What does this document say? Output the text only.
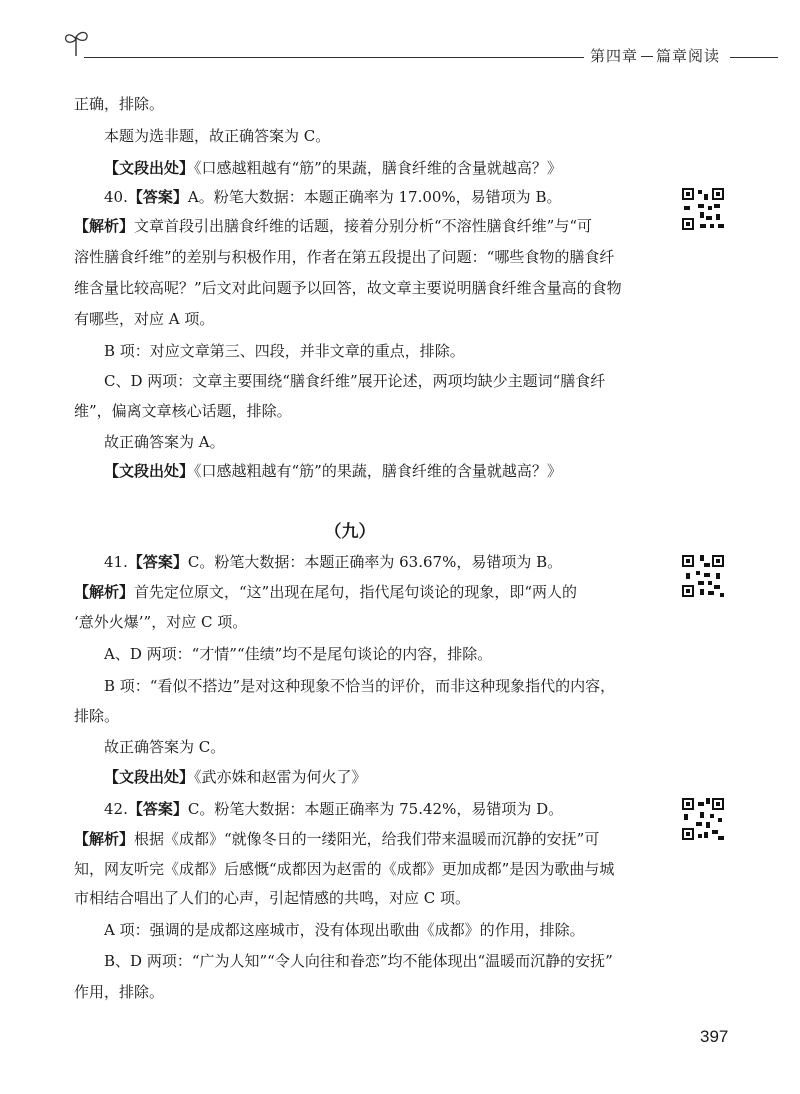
第四章 篇章阅读
正确，排除。
本题为选非题，故正确答案为 C。
【文段出处】《口感越粗越有“筋”的果蔬，膳食纤维的含量就越高？》
40.【答案】A。粉笔大数据：本题正确率为 17.00%，易错项为 B。
【解析】文章首段引出膳食纤维的话题，接着分别分析“不溶性膳食纤维”与“可
溶性膳食纤维”的差别与积极作用，作者在第五段提出了问题：“哪些食物的膳食纤
维含量比较高呢？”后文对此问题予以回答，故文章主要说明膳食纤维含量高的食物
有哪些，对应 A 项。
B 项：对应文章第三、四段，并非文章的重点，排除。
C、D 两项：文章主要围绕“膳食纤维”展开论述，两项均缺少主题词“膳食纤
维”，偏离文章核心话题，排除。
故正确答案为 A。
【文段出处】《口感越粗越有“筋”的果蔬，膳食纤维的含量就越高？》
（九）
41.【答案】C。粉笔大数据：本题正确率为 63.67%，易错项为 B。
【解析】首先定位原文，“这”出现在尾句，指代尾句谈论的现象，即“两人的
‘意外火爆’”，对应 C 项。
A、D 两项：“才情”“佳绩”均不是尾句谈论的内容，排除。
B 项：“看似不搭边”是对这种现象不恰当的评价，而非这种现象指代的内容，
排除。
故正确答案为 C。
【文段出处】《武亦姝和赵雷为何火了》
42.【答案】C。粉笔大数据：本题正确率为 75.42%，易错项为 D。
【解析】根据《成都》“就像冬日的一缕阳光，给我们带来温暖而沉静的安抚”可
知，网友听完《成都》后感慨“成都因为赵雷的《成都》更加成都”是因为歌曲与城
市相结合唱出了人们的心声，引起情感的共鸣，对应 C 项。
A 项：强调的是成都这座城市，没有体现出歌曲《成都》的作用，排除。
B、D 两项：“广为人知”“令人向往和眷恋”均不能体现出“温暖而沉静的安抚”
作用，排除。
397
